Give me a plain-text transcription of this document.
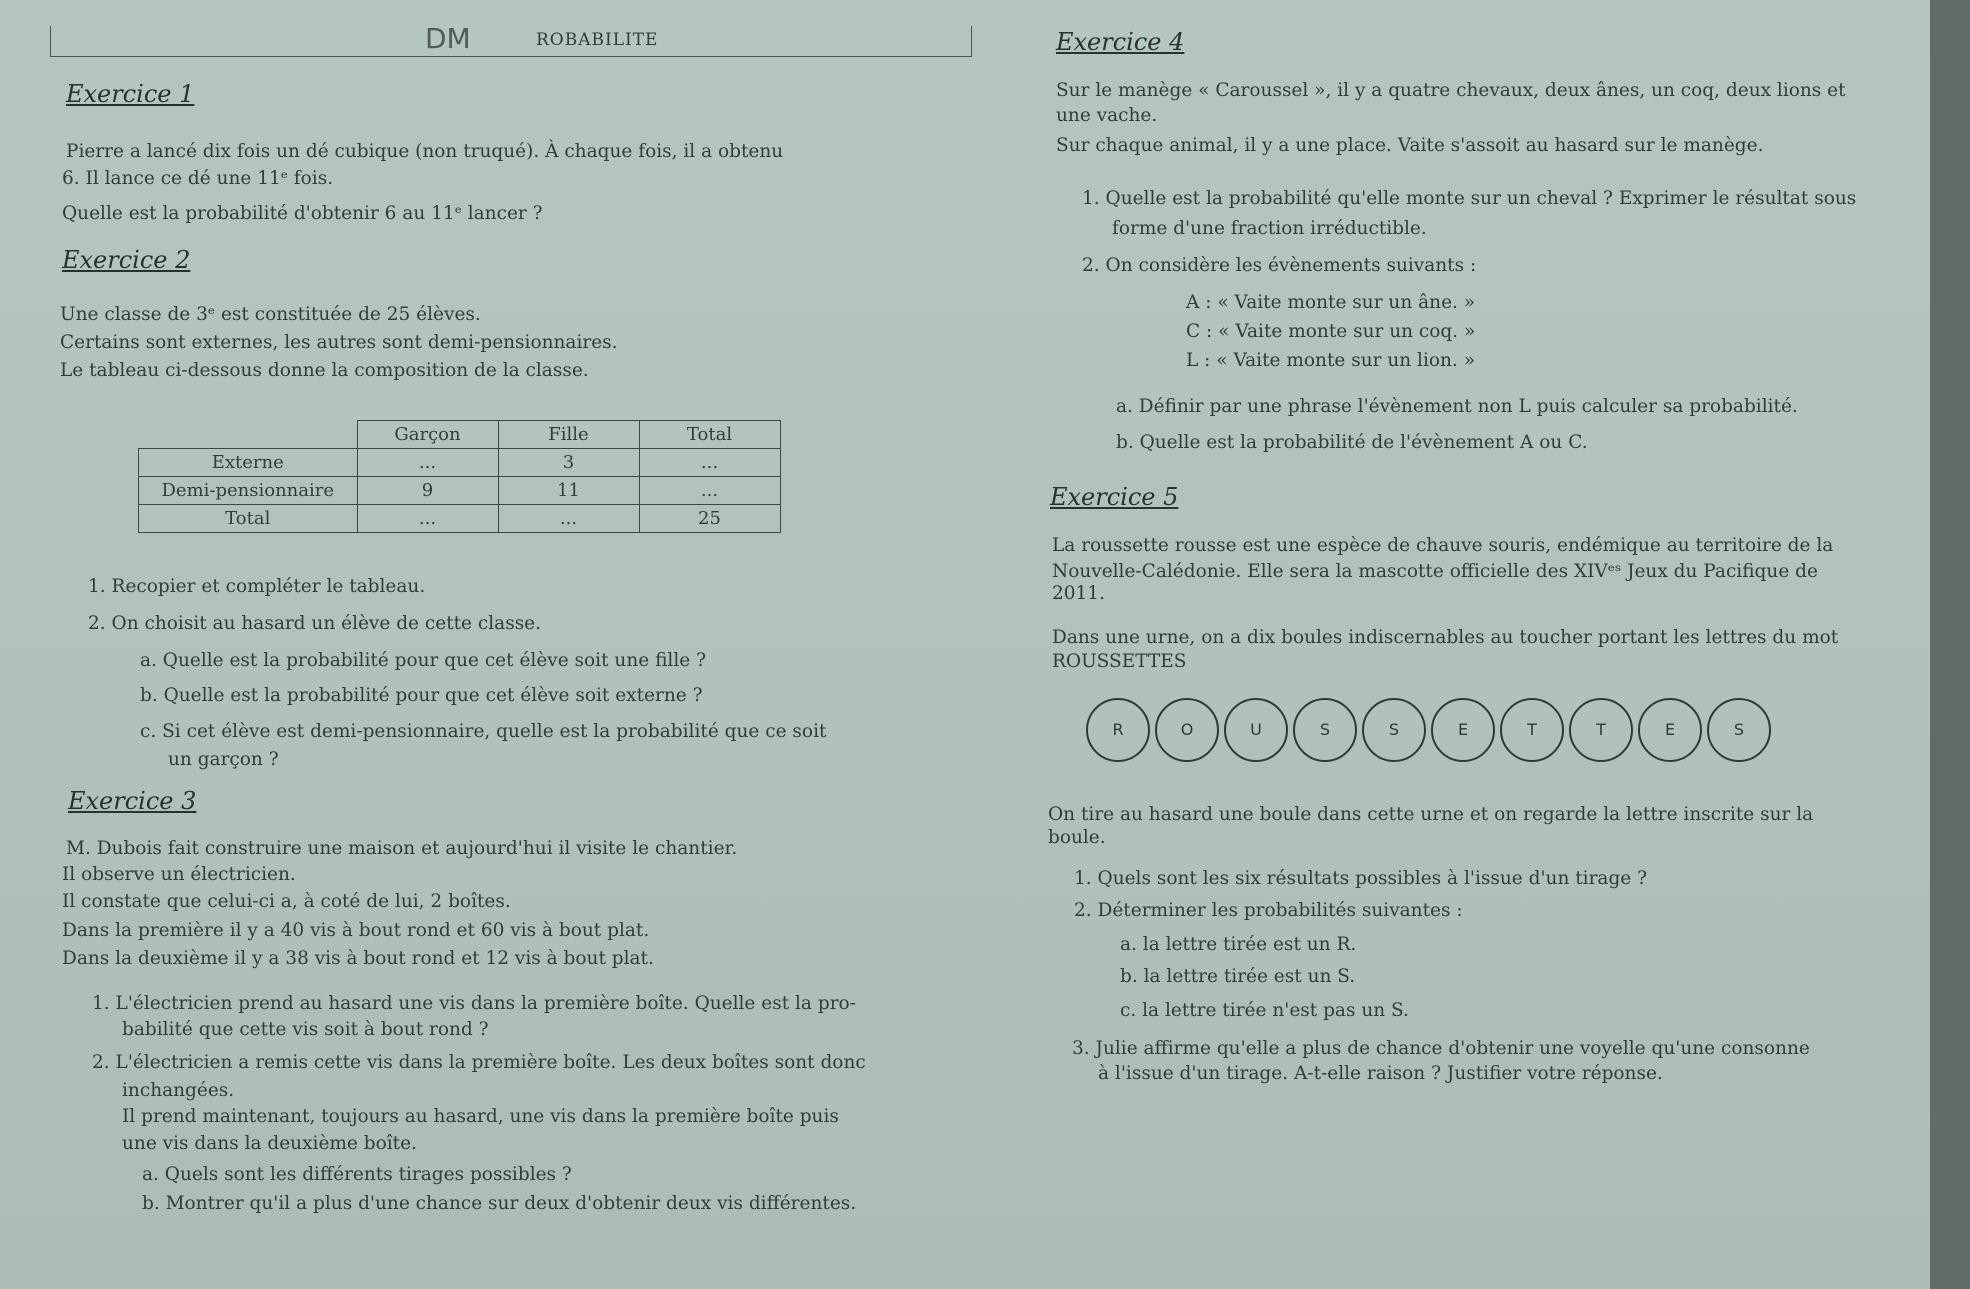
DM	ROBABILITE
Exercice 1
Pierre a lancé dix fois un dé cubique (non truqué). À chaque fois, il a obtenu
6. Il lance ce dé une 11ᵉ fois.
Quelle est la probabilité d'obtenir 6 au 11ᵉ lancer ?
Exercice 2
Une classe de 3ᵉ est constituée de 25 élèves.
Certains sont externes, les autres sont demi-pensionnaires.
Le tableau ci-dessous donne la composition de la classe.
	Garçon	Fille	Total
Externe	...	3	...
Demi-pensionnaire	9	11	...
Total	...	...	25
1. Recopier et compléter le tableau.
2. On choisit au hasard un élève de cette classe.
a. Quelle est la probabilité pour que cet élève soit une fille ?
b. Quelle est la probabilité pour que cet élève soit externe ?
c. Si cet élève est demi-pensionnaire, quelle est la probabilité que ce soit
un garçon ?
Exercice 3
M. Dubois fait construire une maison et aujourd'hui il visite le chantier.
Il observe un électricien.
Il constate que celui-ci a, à coté de lui, 2 boîtes.
Dans la première il y a 40 vis à bout rond et 60 vis à bout plat.
Dans la deuxième il y a 38 vis à bout rond et 12 vis à bout plat.
1. L'électricien prend au hasard une vis dans la première boîte. Quelle est la pro-
babilité que cette vis soit à bout rond ?
2. L'électricien a remis cette vis dans la première boîte. Les deux boîtes sont donc
inchangées.
Il prend maintenant, toujours au hasard, une vis dans la première boîte puis
une vis dans la deuxième boîte.
a. Quels sont les différents tirages possibles ?
b. Montrer qu'il a plus d'une chance sur deux d'obtenir deux vis différentes.
Exercice 4
Sur le manège « Caroussel », il y a quatre chevaux, deux ânes, un coq, deux lions et
une vache.
Sur chaque animal, il y a une place. Vaite s'assoit au hasard sur le manège.
1. Quelle est la probabilité qu'elle monte sur un cheval ? Exprimer le résultat sous
forme d'une fraction irréductible.
2. On considère les évènements suivants :
A : « Vaite monte sur un âne. »
C : « Vaite monte sur un coq. »
L : « Vaite monte sur un lion. »
a. Définir par une phrase l'évènement non L puis calculer sa probabilité.
b. Quelle est la probabilité de l'évènement A ou C.
Exercice 5
La roussette rousse est une espèce de chauve souris, endémique au territoire de la
Nouvelle-Calédonie. Elle sera la mascotte officielle des XIVᵉˢ Jeux du Pacifique de
2011.
Dans une urne, on a dix boules indiscernables au toucher portant les lettres du mot
ROUSSETTES
R	O	U	S	S	E	T	T	E	S
On tire au hasard une boule dans cette urne et on regarde la lettre inscrite sur la
boule.
1. Quels sont les six résultats possibles à l'issue d'un tirage ?
2. Déterminer les probabilités suivantes :
a. la lettre tirée est un R.
b. la lettre tirée est un S.
c. la lettre tirée n'est pas un S.
3. Julie affirme qu'elle a plus de chance d'obtenir une voyelle qu'une consonne
à l'issue d'un tirage. A-t-elle raison ? Justifier votre réponse.
